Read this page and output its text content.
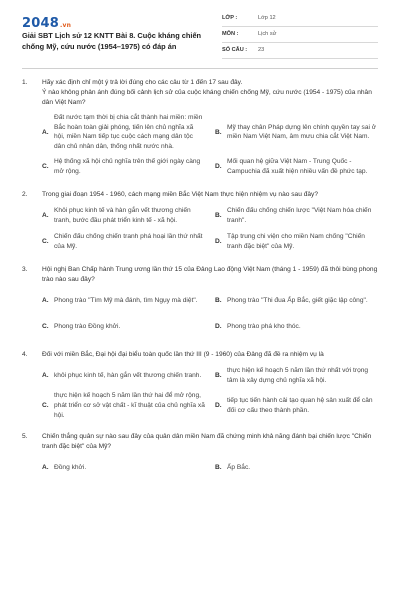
2048.vn
Giải SBT Lịch sử 12 KNTT Bài 8. Cuộc kháng chiến chống Mỹ, cứu nước (1954–1975) có đáp án
LỚP :	Lớp 12
MÔN :	Lịch sử
SỐ CÂU :	23
1.	Hãy xác định chỉ một ý trả lời đúng cho các câu từ 1 đến 17 sau đây.
Ý nào không phản ánh đúng bối cảnh lịch sử của cuộc kháng chiến chống Mỹ, cứu nước (1954 - 1975) của nhân dân Việt Nam?
A.
Đất nước tạm thời bị chia cắt thành hai miền: miền Bắc hoàn toàn giải phóng, tiến lên chủ nghĩa xã hội, miền Nam tiếp tục cuộc cách mạng dân tộc dân chủ nhân dân, thống nhất nước nhà.
B.
Mỹ thay chân Pháp dựng lên chính quyền tay sai ở miền Nam Việt Nam, âm mưu chia cắt Việt Nam.
C.
Hệ thống xã hội chủ nghĩa trên thế giới ngày càng mở rộng.
D.
Mối quan hệ giữa Việt Nam - Trung Quốc - Campuchia đã xuất hiện nhiều vấn đề phức tạp.
2.	Trong giai đoạn 1954 - 1960, cách mạng miền Bắc Việt Nam thực hiện nhiệm vụ nào sau đây?
A.
Khôi phục kinh tế và hàn gắn vết thương chiến tranh, bước đầu phát triển kinh tế - xã hội.
B.
Chiến đấu chống chiến lược "Việt Nam hóa chiến tranh".
C.
Chiến đấu chống chiến tranh phá hoại lần thứ nhất của Mỹ.
D.
Tập trung chi viện cho miền Nam chống "Chiến tranh đặc biệt" của Mỹ.
3.	Hội nghị Ban Chấp hành Trung ương lần thứ 15 của Đảng Lao động Việt Nam (tháng 1 - 1959) đã thôi bùng phong trào nào sau đây?
A. Phong trào "Tìm Mỹ mà đánh, tìm Ngụy mà diệt".	B. Phong trào "Thi đua Ấp Bắc, giết giặc lập công".
C. Phong trào Đồng khởi.	D. Phong trào phá kho thóc.
4.	Đối với miền Bắc, Đại hội đại biểu toàn quốc lần thứ III (9 - 1960) của Đảng đã đề ra nhiệm vụ là
A. khôi phục kinh tế, hàn gắn vết thương chiến tranh.	B.
thực hiện kế hoạch 5 năm lần thứ nhất với trọng tâm là xây dựng chủ nghĩa xã hội.
C.
thực hiện kế hoạch 5 năm lần thứ hai để mở rộng, phát triển cơ sở vật chất - kĩ thuật của chủ nghĩa xã hội.
D.
tiếp tục tiến hành cải tạo quan hệ sản xuất để cân đối cơ cấu theo thành phần.
5.	Chiến thắng quân sự nào sau đây của quân dân miền Nam đã chứng minh khả năng đánh bại chiến lược "Chiến tranh đặc biệt" của Mỹ?
A. Đồng khởi.	B. Ấp Bắc.
